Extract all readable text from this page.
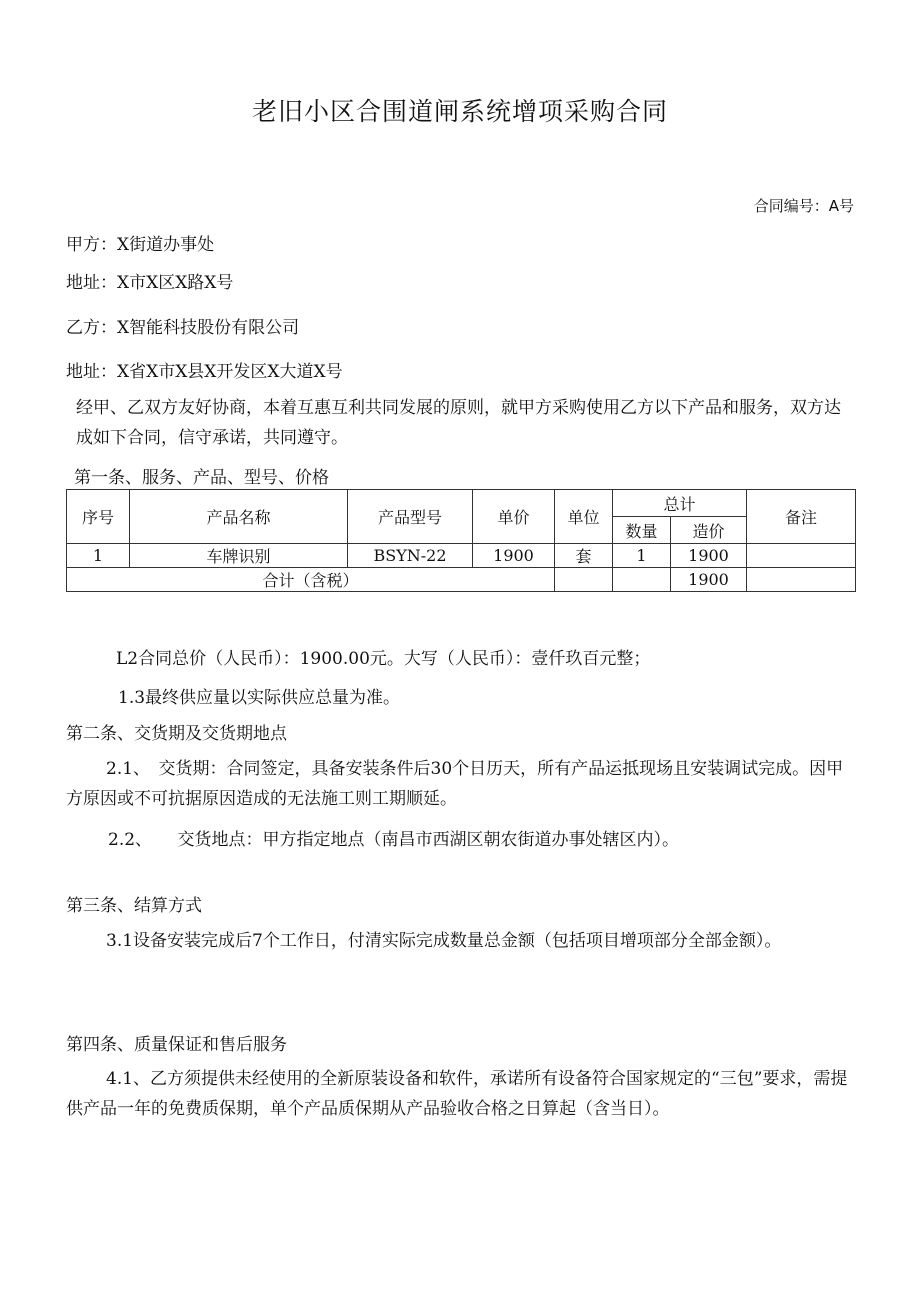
老旧小区合围道闸系统增项采购合同
合同编号：A号
甲方：X街道办事处
地址：X市X区X路X号
乙方：X智能科技股份有限公司
地址：X省X市X县X开发区X大道X号
经甲、乙双方友好协商，本着互惠互利共同发展的原则，就甲方采购使用乙方以下产品和服务，双方达成如下合同，信守承诺，共同遵守。
第一条、服务、产品、型号、价格
序号	产品名称	产品型号	单价	单位	总计		备注
					数量	造价	
1	车牌识别	BSYN-22	1900	套	1	1900	
合计（含税）						1900	
L2合同总价（人民币）：1900.00元。大写（人民币）：壹仟玖百元整；
1.3最终供应量以实际供应总量为准。
第二条、交货期及交货期地点
2.1、　交货期：合同签定，具备安装条件后30个日历天，所有产品运抵现场且安装调试完成。因甲方原因或不可抗据原因造成的无法施工则工期顺延。
2.2、　　交货地点：甲方指定地点（南昌市西湖区朝农街道办事处辖区内）。
第三条、结算方式
3.1设备安装完成后7个工作日，付清实际完成数量总金额（包括项目增项部分全部金额）。
第四条、质量保证和售后服务
4.1、乙方须提供未经使用的全新原装设备和软件，承诺所有设备符合国家规定的“三包”要求，需提供产品一年的免费质保期，单个产品质保期从产品验收合格之日算起（含当日）。
